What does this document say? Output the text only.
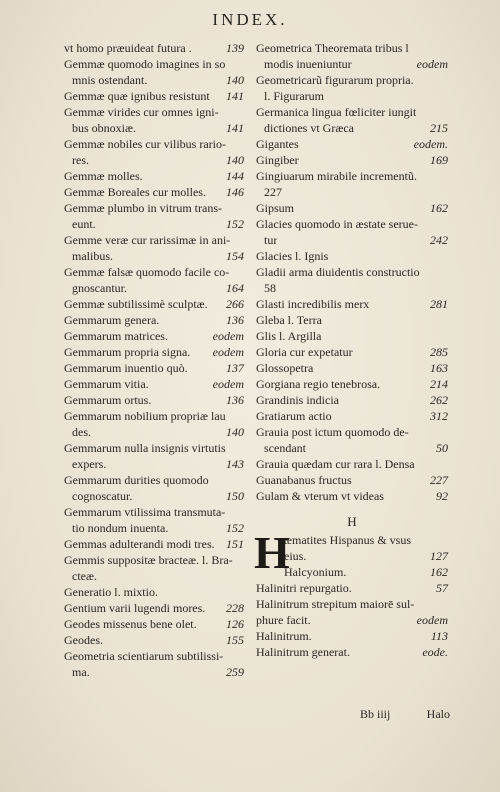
INDEX.
vt homo præuideat futura .	139
Gemmæ quomodo imagines in so
mnis ostendant.	140
Gemmæ quæ ignibus resistunt 141
Gemmæ virides cur omnes igni-
bus obnoxiæ.	141
Gemmæ nobiles cur vilibus rario-
res.	140
Gemmæ molles.	144
Gemmæ Boreales cur molles. 146
Gemmæ plumbo in vitrum trans-
eunt.	152
Gemme veræ cur rarissimæ in ani-
malibus.	154
Gemmæ falsæ quomodo facile co-
gnoscantur.	164
Gemmæ subtilissimè sculptæ. 266
Gemmarum genera.	136
Gemmarum matrices.	eodem
Gemmarum propria signa. eodem
Gemmarum inuentio quò.	137
Gemmarum vitia.	eodem
Gemmarum ortus.	136
Gemmarum nobilium propriæ lau
des.	140
Gemmarum nulla insignis virtutis
expers.	143
Gemmarum durities quomodo
cognoscatur.	150
Gemmarum vtilissima transmuta-
tio nondum inuenta.	152
Gemmas adulterandi modi tres. 151
Gemmis suppositæ bracteæ. l. Bra-
cteæ.
Generatio l. mixtio.
Gentium varii lugendi mores. 228
Geodes missenus bene olet. 126
Geodes.	155
Geometria scientiarum subtilissi-
ma.	259
Geometrica Theoremata tribus l
modis inueniuntur	eodem
Geometricarũ figurarum propria.
l. Figurarum
Germanica lingua fœliciter iungit
dictiones vt Græca	215
Gigantes	eodem.
Gingiber	169
Gingiuarum mirabile incrementũ.
227
Gipsum	162
Glacies quomodo in æstate serue-
tur	242
Glacies l. Ignis
Gladii arma diuidentis constructio
58
Glasti incredibilis merx	281
Gleba l. Terra
Glis l. Argilla
Gloria cur expetatur	285
Glossopetra	163
Gorgiana regio tenebrosa.	214
Grandinis indicia	262
Gratiarum actio	312
Grauia post ictum quomodo de-
scendant	50
Grauia quædam cur rara l. Densa
Guanabanus fructus	227
Gulam & vterum vt videas	92
H
H
æmatites Hispanus & vsus
eius.	127
Halcyonium.	162
Halinitri repurgatio.	57
Halinitrum strepitum maiorē sul-
phure facit.	eodem
Halinitrum.	113
Halinitrum generat.	eode.
Bb iiij	Halo
